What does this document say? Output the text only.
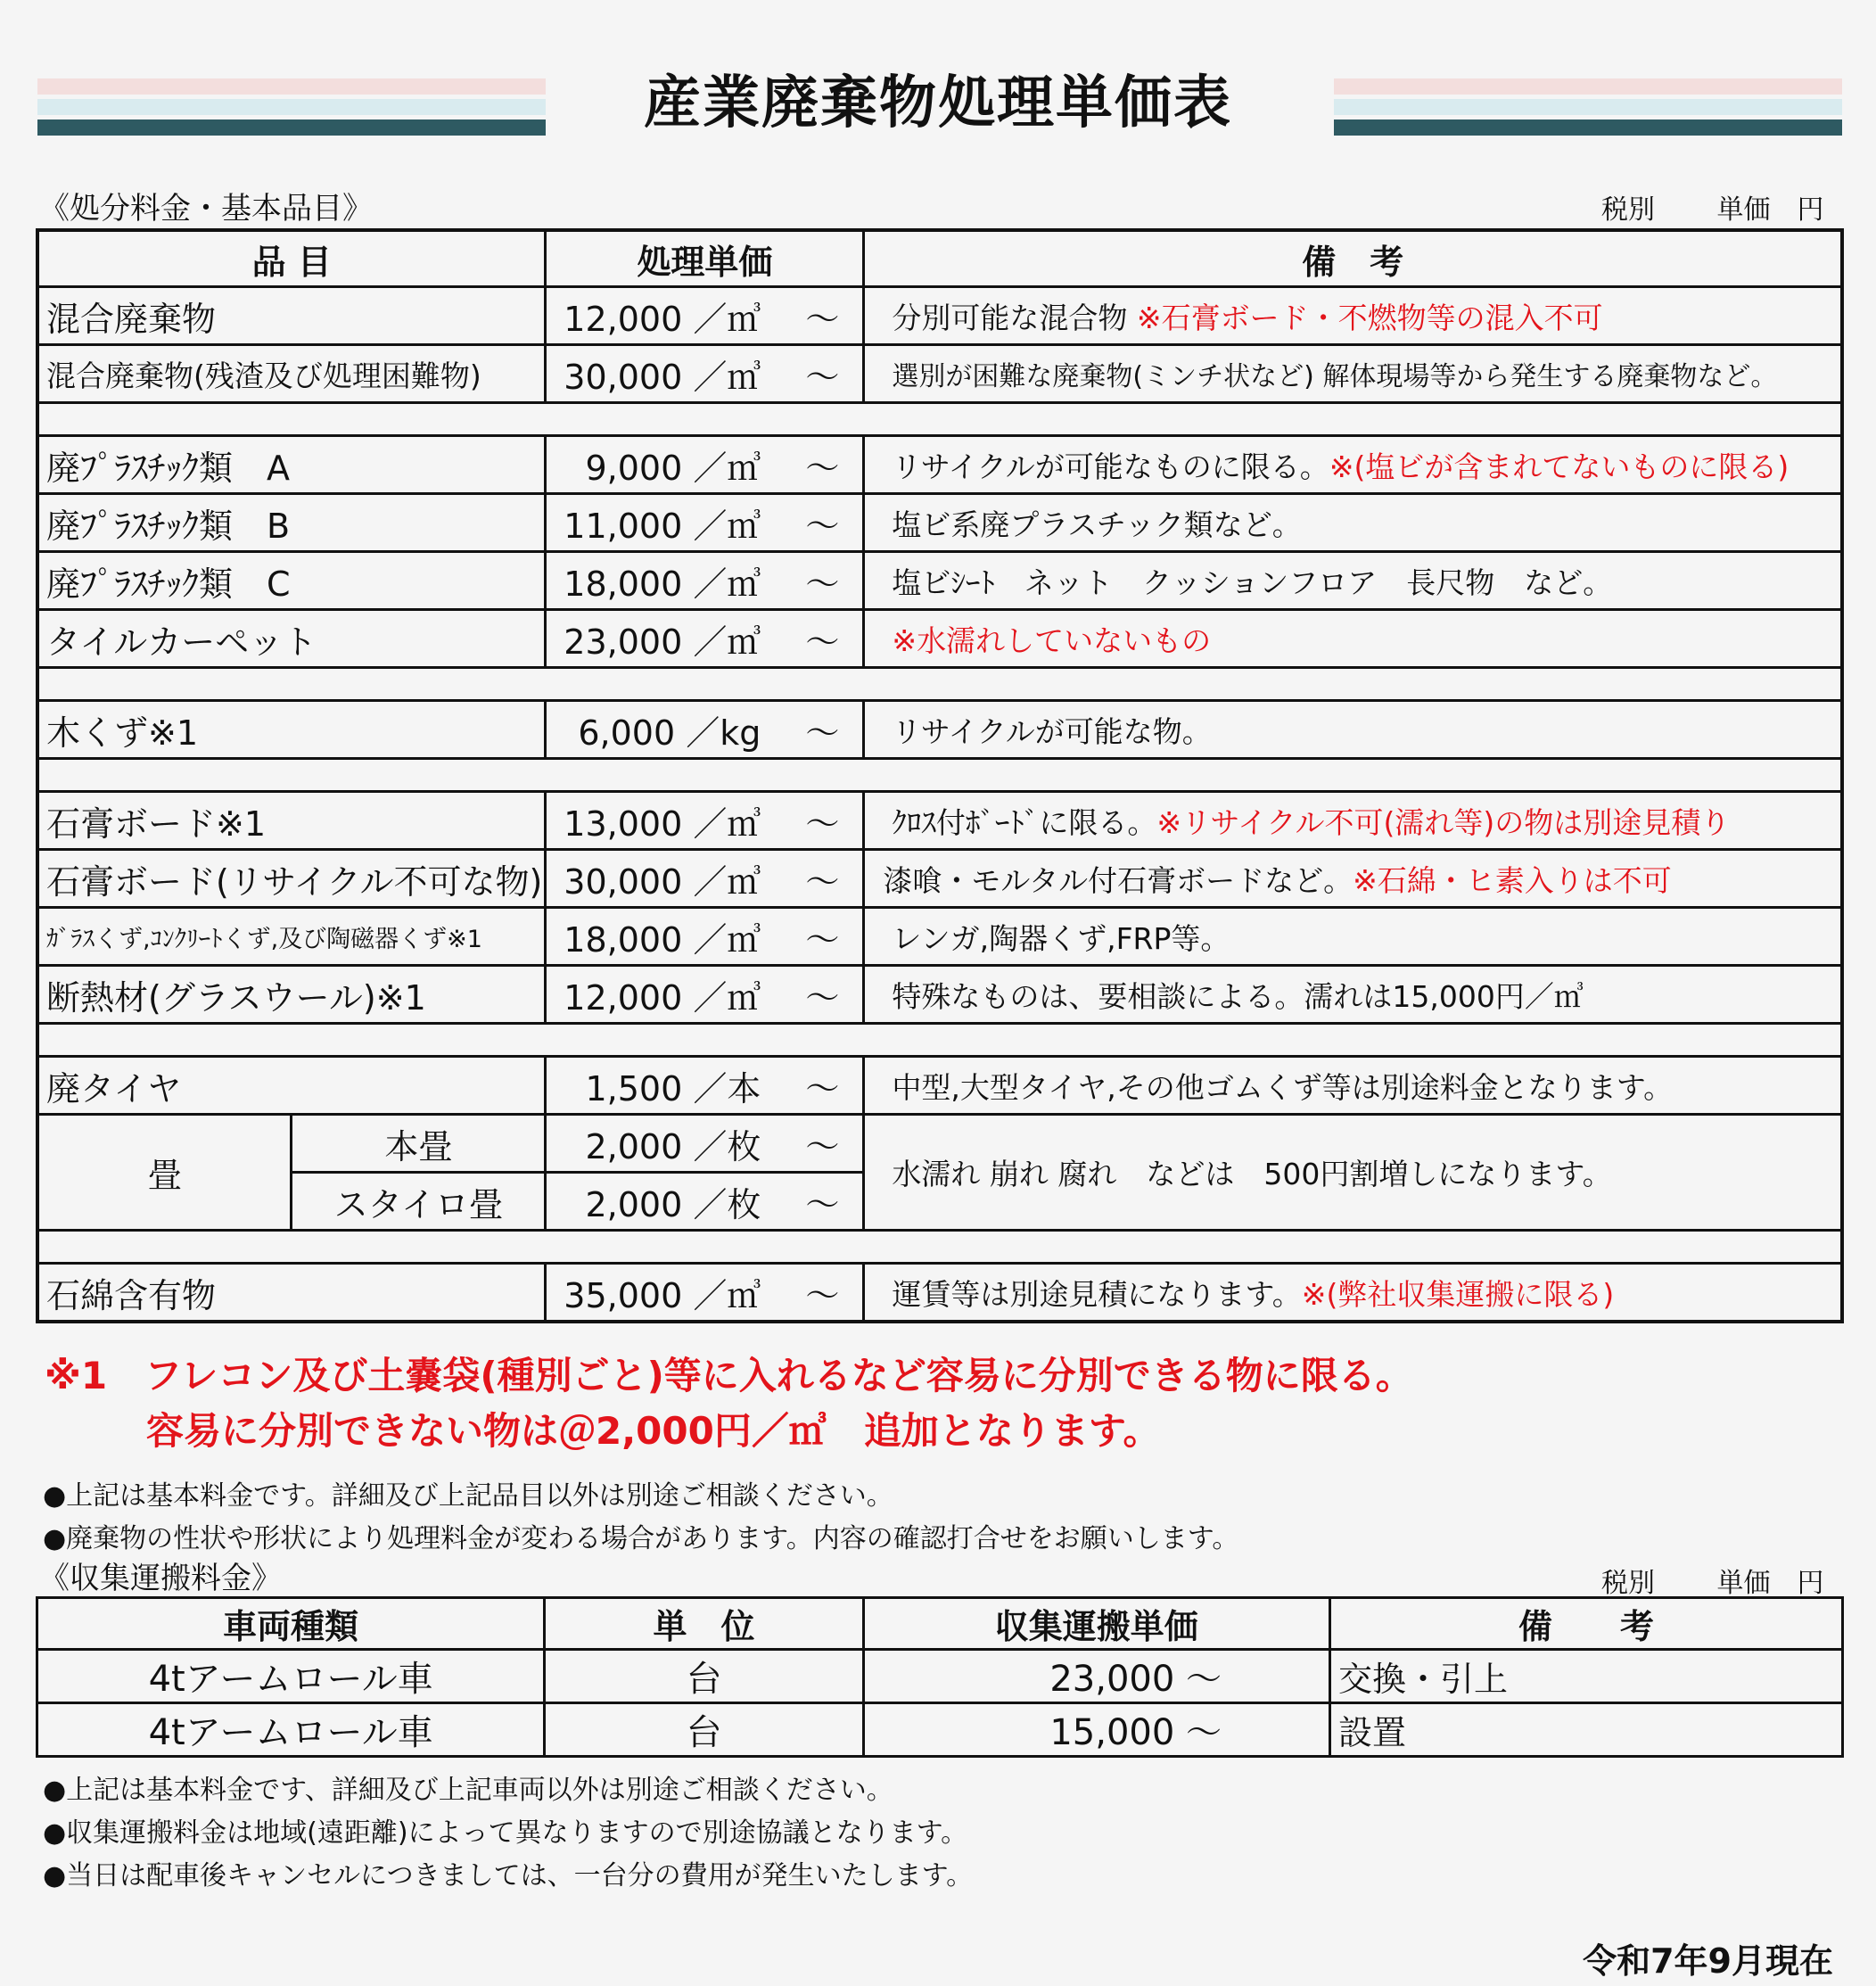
産業廃棄物処理単価表
《処分料金・基本品目》	税別 　　単価　円
品 目		処理単価	備　考
混合廃棄物		12,000 ／㎥ 　〜	分別可能な混合物 ※石膏ボード・不燃物等の混入不可
混合廃棄物(残渣及び処理困難物)		30,000 ／㎥ 　〜	選別が困難な廃棄物(ミンチ状など) 解体現場等から発生する廃棄物など。

廃ﾌﾟﾗｽﾁｯｸ類　A		9,000 ／㎥ 　〜	リサイクルが可能なものに限る。※(塩ビが含まれてないものに限る)
廃ﾌﾟﾗｽﾁｯｸ類　B		11,000 ／㎥ 　〜	塩ビ系廃プラスチック類など。
廃ﾌﾟﾗｽﾁｯｸ類　C		18,000 ／㎥ 　〜	塩ビｼｰﾄ　ネット　クッションフロア　長尺物　など。
タイルカーペット		23,000 ／㎥ 　〜	※水濡れしていないもの

木くず※1		6,000 ／kg 　〜	リサイクルが可能な物。

石膏ボード※1		13,000 ／㎥ 　〜	ｸﾛｽ付ﾎﾞｰﾄﾞに限る。※リサイクル不可(濡れ等)の物は別途見積り
石膏ボード(リサイクル不可な物)		30,000 ／㎥ 　〜	漆喰・モルタル付石膏ボードなど。※石綿・ヒ素入りは不可
ｶﾞﾗｽくず,ｺﾝｸﾘｰﾄくず,及び陶磁器くず※1		18,000 ／㎥ 　〜	レンガ,陶器くず,FRP等。
断熱材(グラスウール)※1		12,000 ／㎥ 　〜	特殊なものは、要相談による。濡れは15,000円／㎥

廃タイヤ		1,500 ／本 　〜	中型,大型タイヤ,その他ゴムくず等は別途料金となります。
畳	本畳	2,000 ／枚 　〜	水濡れ 崩れ 腐れ　などは　500円割増しになります。
	スタイロ畳	2,000 ／枚 　〜	

石綿含有物		35,000 ／㎥ 　〜	運賃等は別途見積になります。※(弊社収集運搬に限る)
※1　フレコン及び土嚢袋(種別ごと)等に入れるなど容易に分別できる物に限る。
容易に分別できない物は＠2,000円／㎥　追加となります。
●上記は基本料金です。詳細及び上記品目以外は別途ご相談ください。
●廃棄物の性状や形状により処理料金が変わる場合があります。内容の確認打合せをお願いします。
《収集運搬料金》	税別 　　単価　円
車両種類	単　位	収集運搬単価	備　　考
4tアームロール車	台	23,000 〜	交換・引上
4tアームロール車	台	15,000 〜	設置
●上記は基本料金です、詳細及び上記車両以外は別途ご相談ください。
●収集運搬料金は地域(遠距離)によって異なりますので別途協議となります。
●当日は配車後キャンセルにつきましては、一台分の費用が発生いたします。
令和7年9月現在
